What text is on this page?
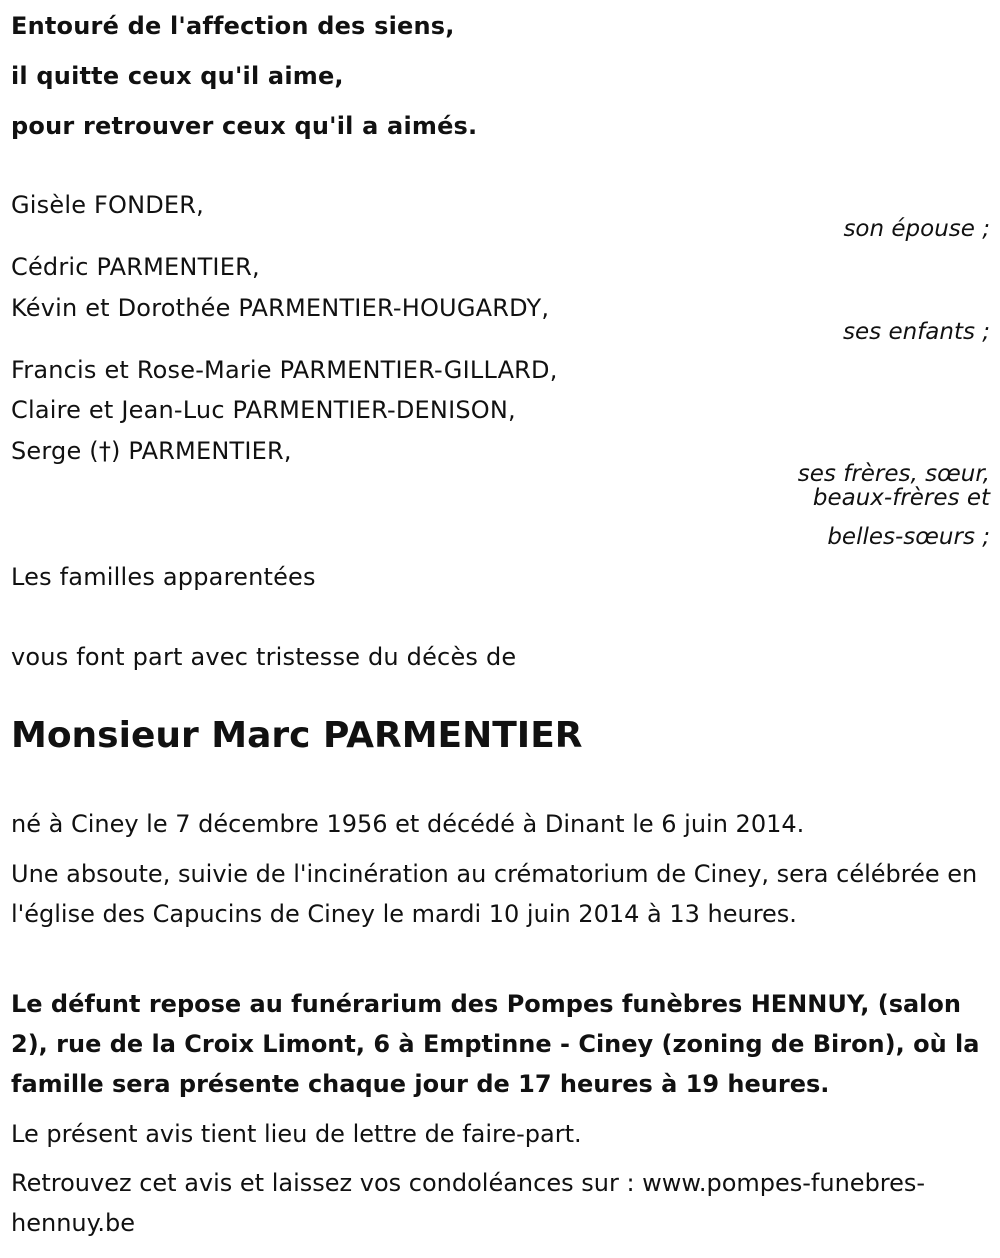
Entouré de l'affection des siens,

il quitte ceux qu'il aime,

pour retrouver ceux qu'il a aimés.

Gisèle FONDER,

son épouse ;

Cédric PARMENTIER,

Kévin et Dorothée PARMENTIER-HOUGARDY,

ses enfants ;

Francis et Rose-Marie PARMENTIER-GILLARD,

Claire et Jean-Luc PARMENTIER-DENISON,

Serge (†) PARMENTIER,

ses frères, sœur,

beaux-frères et

belles-sœurs ;

Les familles apparentées

vous font part avec tristesse du décès de

Monsieur Marc PARMENTIER

né à Ciney le 7 décembre 1956 et décédé à Dinant le 6 juin 2014.

Une absoute, suivie de l'incinération au crématorium de Ciney, sera célébrée en l'église des Capucins de Ciney le mardi 10 juin 2014 à 13 heures.

Le défunt repose au funérarium des Pompes funèbres HENNUY, (salon 2), rue de la Croix Limont, 6 à Emptinne - Ciney (zoning de Biron), où la famille sera présente chaque jour de 17 heures à 19 heures.

Le présent avis tient lieu de lettre de faire-part.

Retrouvez cet avis et laissez vos condoléances sur : www.pompes-funebres-hennuy.be
